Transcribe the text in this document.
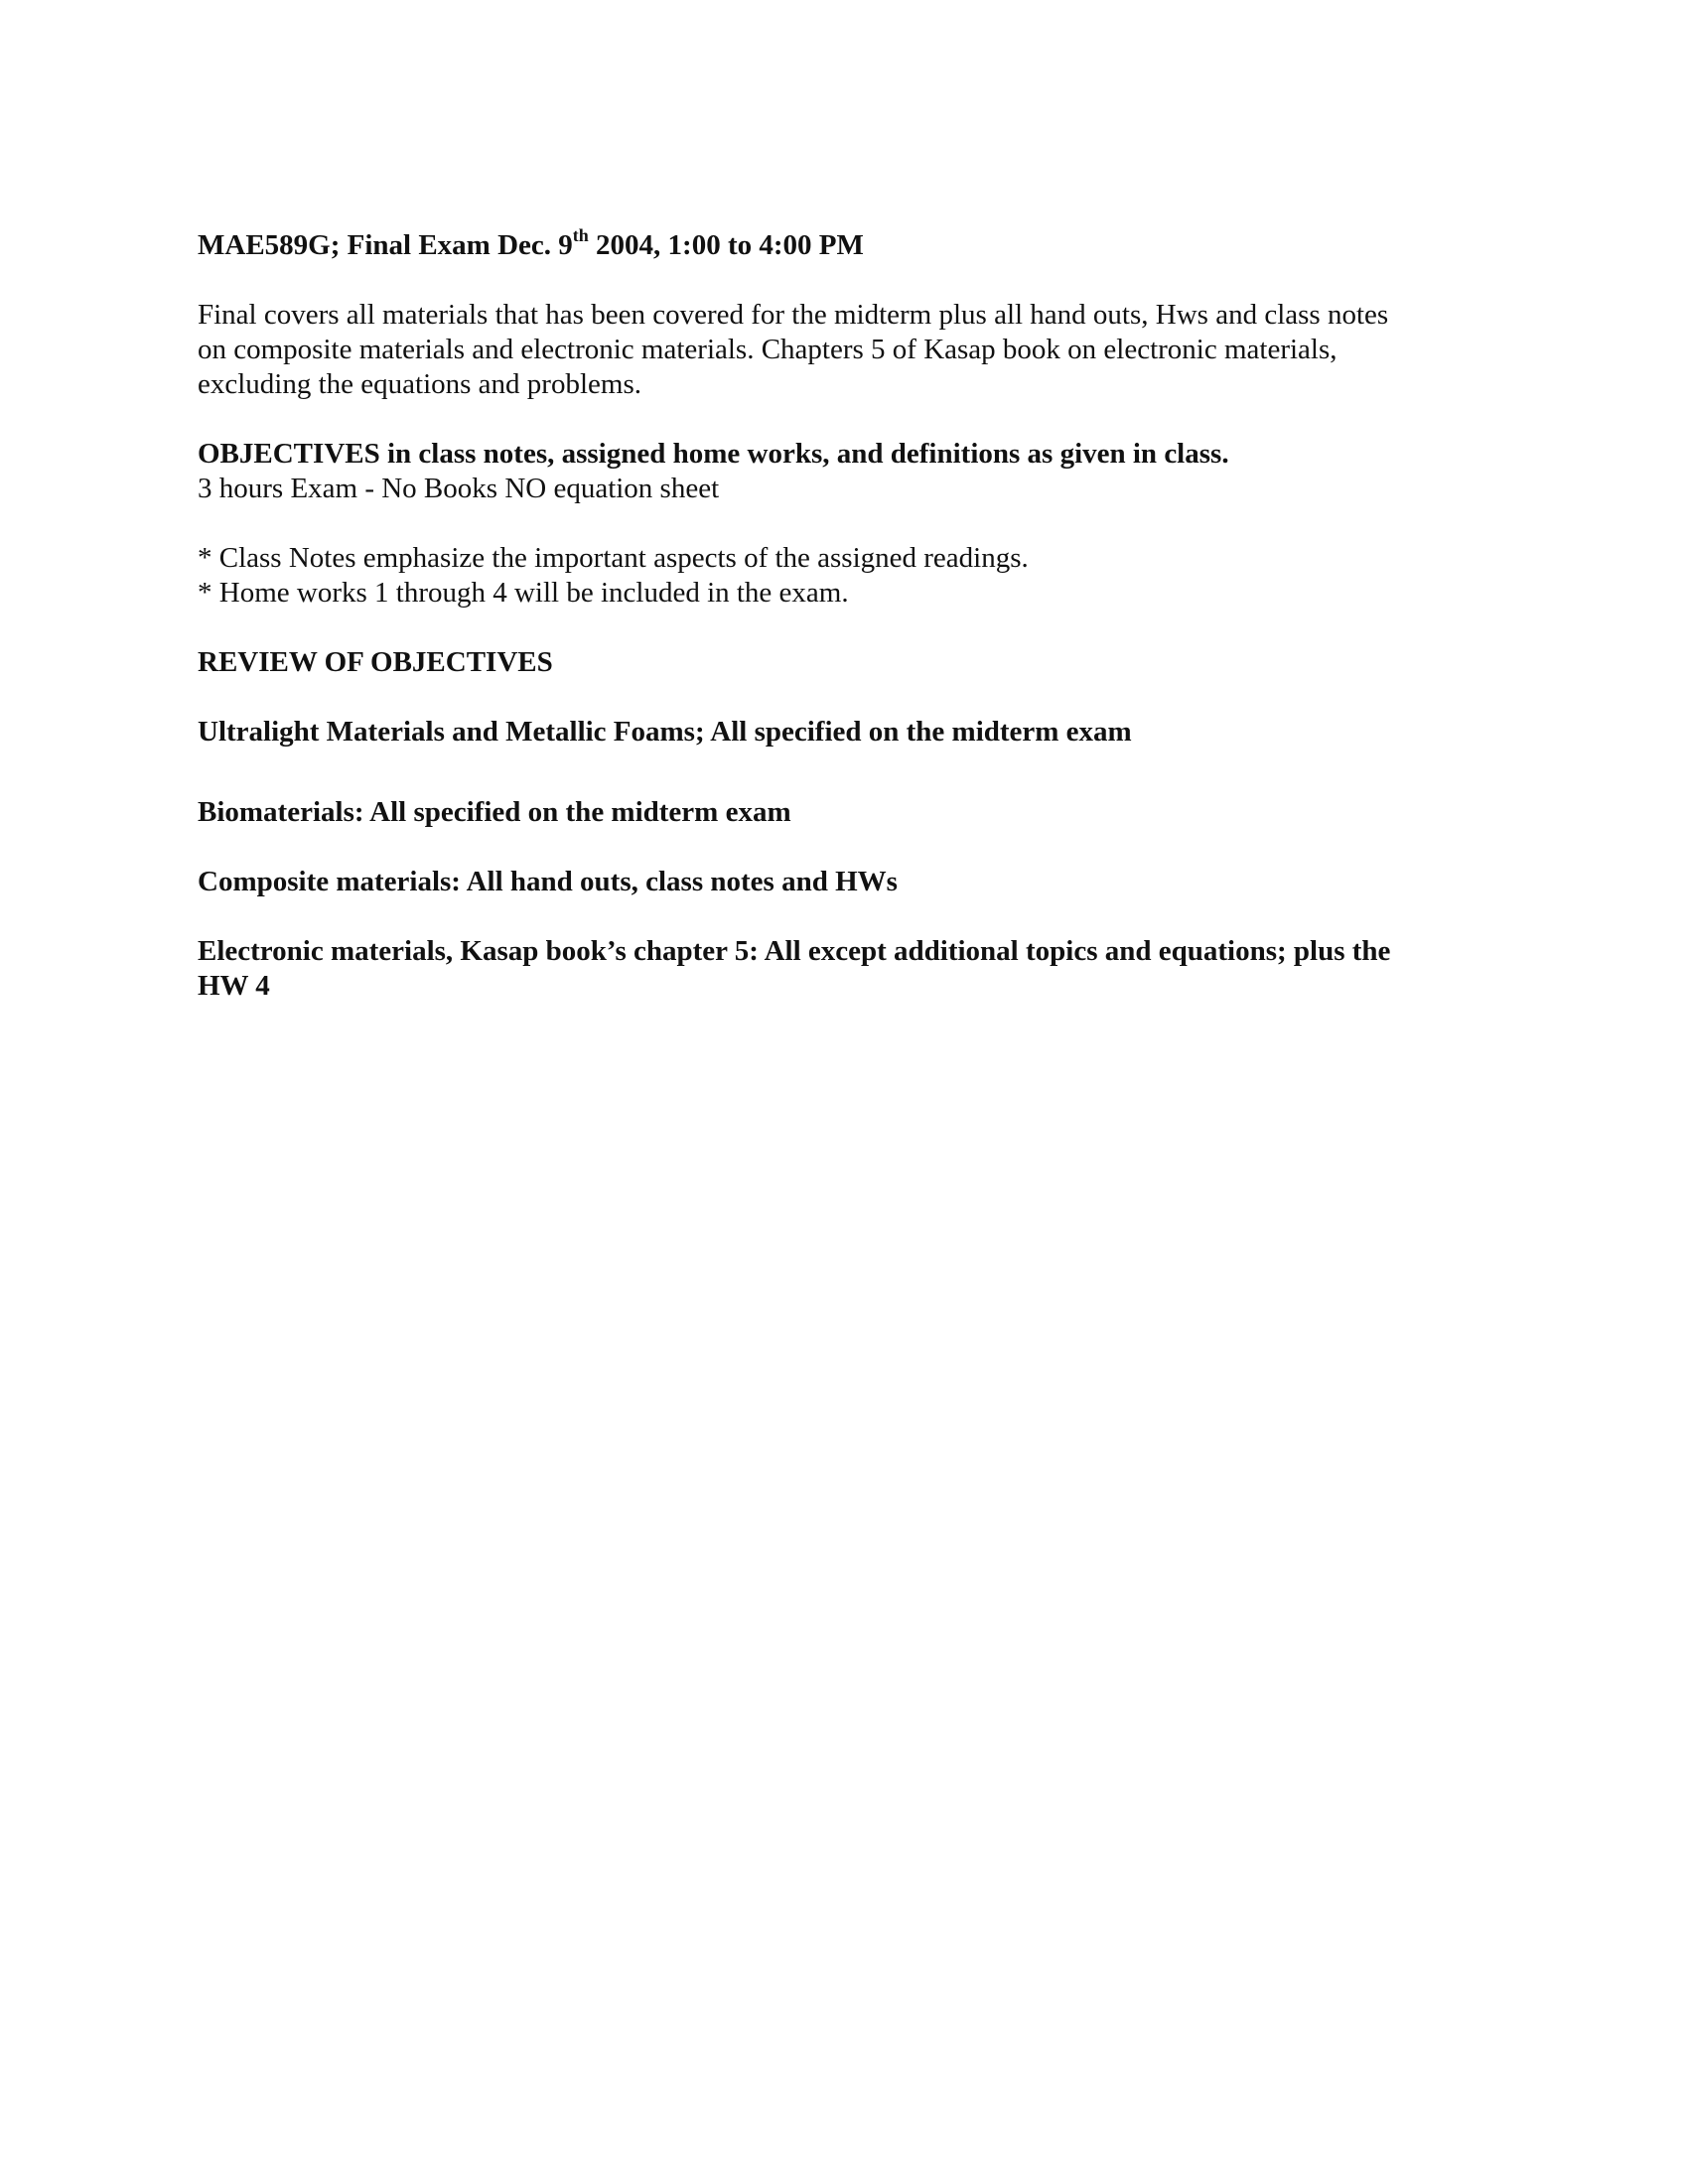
MAE589G; Final Exam Dec. 9th 2004, 1:00 to 4:00 PM
Final covers all materials that has been covered for the midterm plus all hand outs, Hws and class notes
on composite materials and electronic materials. Chapters 5 of Kasap book on electronic materials,
excluding the equations and problems.
OBJECTIVES in class notes, assigned home works, and definitions as given in class.
3 hours Exam - No Books NO equation sheet
* Class Notes emphasize the important aspects of the assigned readings.
* Home works 1 through 4 will be included in the exam.
REVIEW OF OBJECTIVES
Ultralight Materials and Metallic Foams; All specified on the midterm exam
Biomaterials: All specified on the midterm exam
Composite materials: All hand outs, class notes and HWs
Electronic materials, Kasap book’s chapter 5: All except additional topics and equations; plus the
HW 4
